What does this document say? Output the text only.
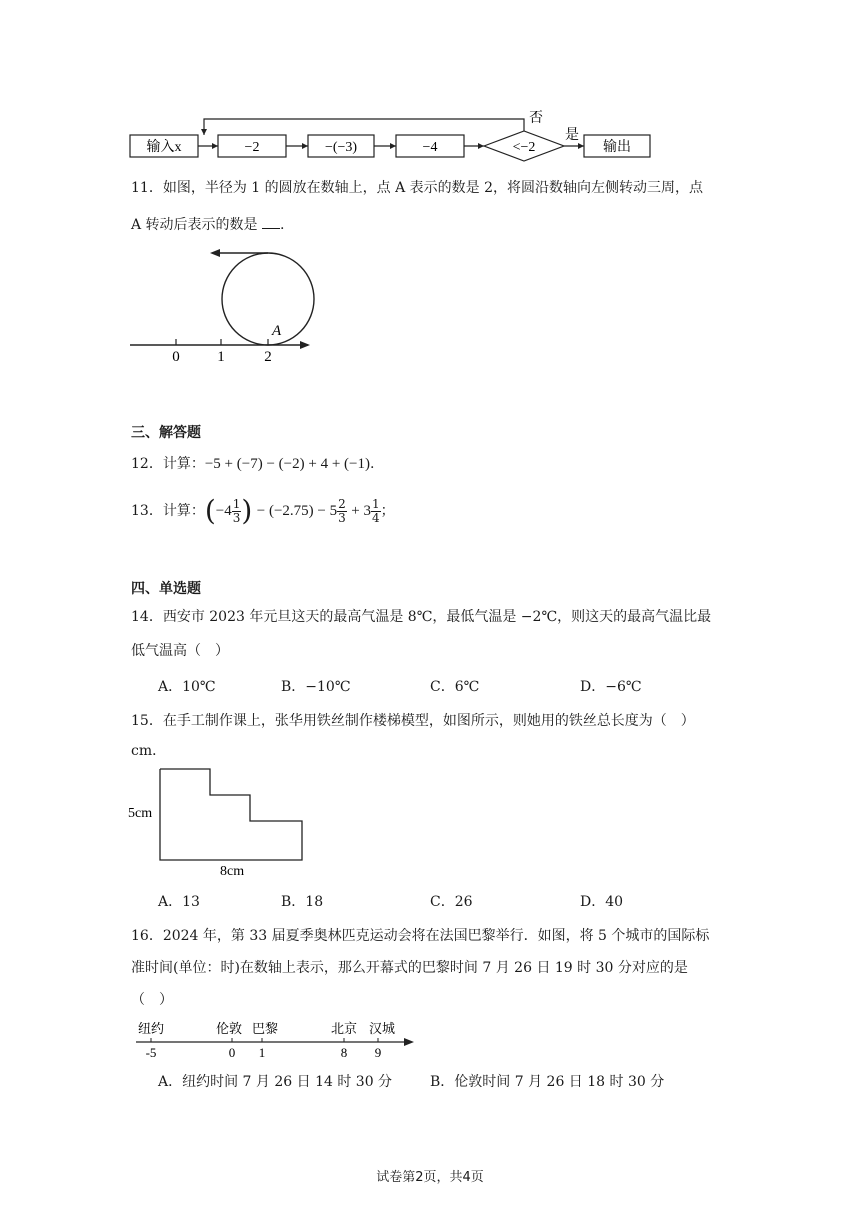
输入x	−2	−(−3)	−4	<−2	输出
是
否
11．如图，半径为 1 的圆放在数轴上，点 A 表示的数是 2，将圆沿数轴向左侧转动三周，点
A 转动后表示的数是 .
0	1	2
A
三、解答题
12．计算：−5 + (−7) − (−2) + 4 + (−1).
13．计算：($-4 \frac{1}{3}$ ) − $(-2.75) - 5 \frac{2}{3} + 3 \frac{1}{4}$ ；
四、单选题
14．西安市 2023 年元旦这天的最高气温是 8℃，最低气温是 −2℃，则这天的最高气温比最
低气温高（　）
A．10℃	B．−10℃	C．6℃	D．−6℃
15．在手工制作课上，张华用铁丝制作楼梯模型，如图所示，则她用的铁丝总长度为（　）
cm．
5cm
8cm
A．13	B．18	C．26	D．40
16．2024 年，第 33 届夏季奥林匹克运动会将在法国巴黎举行．如图，将 5 个城市的国际标
准时间(单位：时)在数轴上表示，那么开幕式的巴黎时间 7 月 26 日 19 时 30 分对应的是
（　）
纽约	伦敦 巴黎	北京 汉城
-5	0 1	8 9
A．纽约时间 7 月 26 日 14 时 30 分	B．伦敦时间 7 月 26 日 18 时 30 分
试卷第2页，共4页
